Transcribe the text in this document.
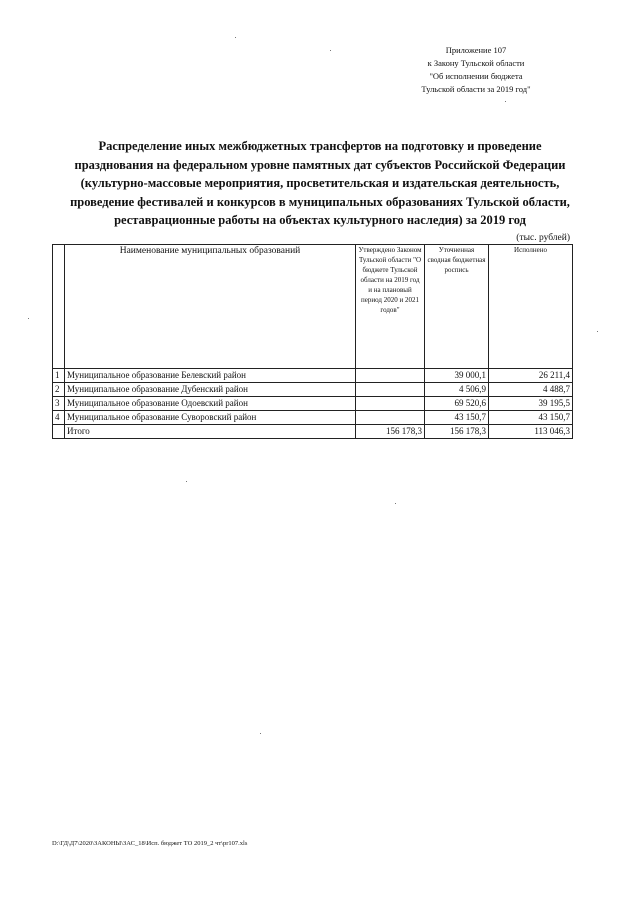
Приложение 107
к Закону Тульской области
"Об исполнении бюджета
Тульской области за 2019 год"
Распределение иных межбюджетных трансфертов на подготовку и проведение
празднования на федеральном уровне памятных дат субъектов Российской Федерации
(культурно-массовые мероприятия, просветительская и издательская деятельность,
проведение фестивалей и конкурсов в муниципальных образованиях Тульской области,
реставрационные работы на объектах культурного наследия) за 2019 год
(тыс. рублей)
	Наименование муниципальных образований	Утверждено Законом Тульской области "О бюджете Тульской области на 2019 год и на плановый период 2020 и 2021 годов"	Уточненная сводная бюджетная роспись	Исполнено
1	Муниципальное образование Белевский район		39 000,1	26 211,4
2	Муниципальное образование Дубенский район		4 506,9	4 488,7
3	Муниципальное образование Одоевский район		69 520,6	39 195,5
4	Муниципальное образование Суворовский район		43 150,7	43 150,7
	Итого	156 178,3	156 178,3	113 046,3
D:\ГД\Д7\2020\ЗАКОНЫ\ЗАС_18\Исп. бюджет ТО 2019_2 чт\pr107.xls
